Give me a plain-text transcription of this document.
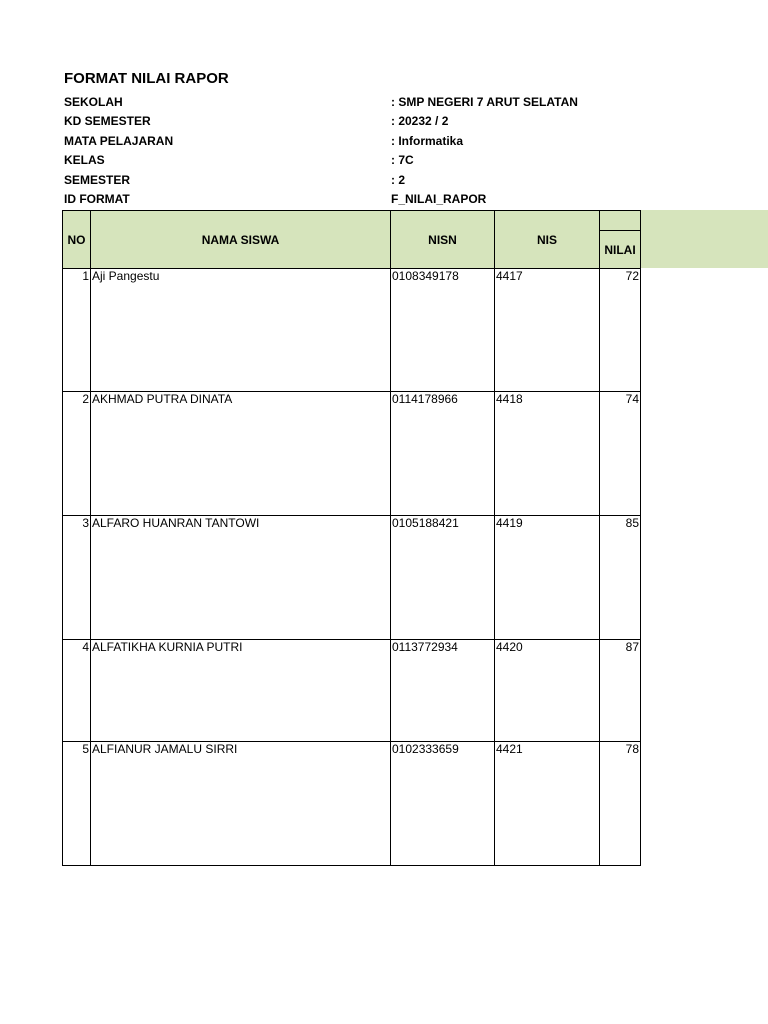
FORMAT NILAI RAPOR
SEKOLAH	: SMP NEGERI 7 ARUT SELATAN
KD SEMESTER	: 20232 / 2
MATA PELAJARAN	: Informatika
KELAS	: 7C
SEMESTER	: 2
ID FORMAT	F_NILAI_RAPOR
NO	NAMA SISWA	NISN	NIS	
				NILAI
1	Aji Pangestu	0108349178	4417	72
2	AKHMAD PUTRA DINATA	0114178966	4418	74
3	ALFARO HUANRAN TANTOWI	0105188421	4419	85
4	ALFATIKHA KURNIA PUTRI	0113772934	4420	87
5	ALFIANUR JAMALU SIRRI	0102333659	4421	78
